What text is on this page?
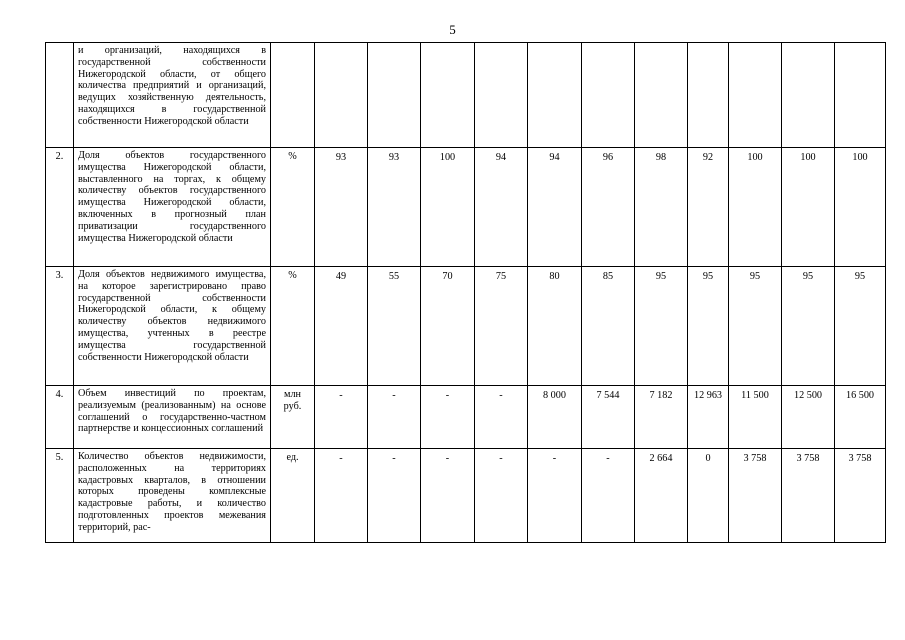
5
	и организаций, находящихся в государственной собственности Нижегородской области, от общего количества предприятий и организаций, ведущих хозяйственную деятельность, находящихся в государственной собственности Нижегородской области												
2.	Доля объектов государственного имущества Нижегородской области, выставленного на торгах, к общему количеству объектов государственного имущества Нижегородской области, включенных в прогнозный план приватизации государственного имущества Нижегородской области	%	93	93	100	94	94	96	98	92	100	100	100
3.	Доля объектов недвижимого имущества, на которое зарегистрировано право государственной собственности Нижегородской области, к общему количеству объектов недвижимого имущества, учтенных в реестре имущества государственной собственности Нижегородской области	%	49	55	70	75	80	85	95	95	95	95	95
4.	Объем инвестиций по проектам, реализуемым (реализованным) на основе соглашений о государственно-частном партнерстве и концессионных соглашений	млн руб.	-	-	-	-	8 000	7 544	7 182	12 963	11 500	12 500	16 500
5.	Количество объектов недвижимости, расположенных на территориях кадастровых кварталов, в отношении которых проведены комплексные кадастровые работы, и количество подготовленных проектов межевания территорий, рас-	ед.	-	-	-	-	-	-	2 664	0	3 758	3 758	3 758
